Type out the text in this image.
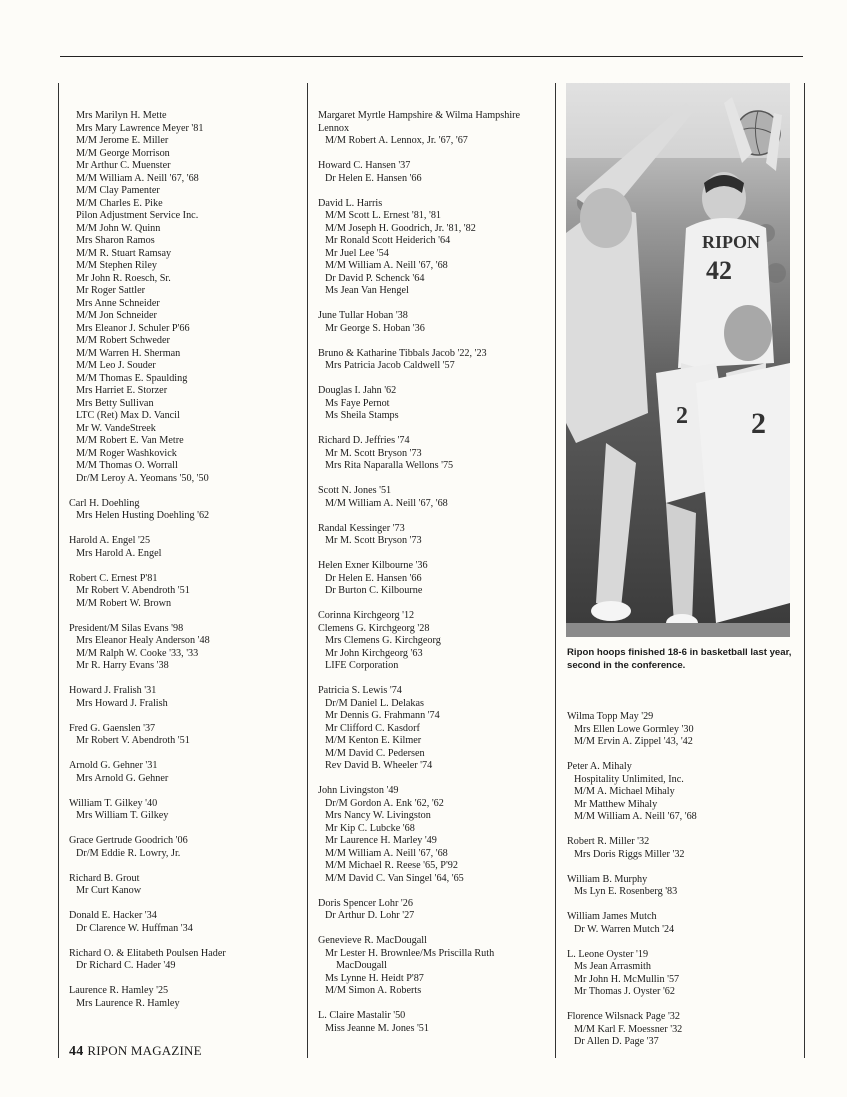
Mrs Marilyn H. Mette
Mrs Mary Lawrence Meyer '81
M/M Jerome E. Miller
M/M George Morrison
Mr Arthur C. Muenster
M/M William A. Neill '67, '68
M/M Clay Pamenter
M/M Charles E. Pike
Pilon Adjustment Service Inc.
M/M John W. Quinn
Mrs Sharon Ramos
M/M R. Stuart Ramsay
M/M Stephen Riley
Mr John R. Roesch, Sr.
Mr Roger Sattler
Mrs Anne Schneider
M/M Jon Schneider
Mrs Eleanor J. Schuler P'66
M/M Robert Schweder
M/M Warren H. Sherman
M/M Leo J. Souder
M/M Thomas E. Spaulding
Mrs Harriet E. Storzer
Mrs Betty Sullivan
LTC (Ret) Max D. Vancil
Mr W. VandeStreek
M/M Robert E. Van Metre
M/M Roger Washkovick
M/M Thomas O. Worrall
Dr/M Leroy A. Yeomans '50, '50
Carl H. Doehling
Mrs Helen Husting Doehling '62
Harold A. Engel '25
Mrs Harold A. Engel
Robert C. Ernest P'81
Mr Robert V. Abendroth '51
M/M Robert W. Brown
President/M Silas Evans '98
Mrs Eleanor Healy Anderson '48
M/M Ralph W. Cooke '33, '33
Mr R. Harry Evans '38
Howard J. Fralish '31
Mrs Howard J. Fralish
Fred G. Gaenslen '37
Mr Robert V. Abendroth '51
Arnold G. Gehner '31
Mrs Arnold G. Gehner
William T. Gilkey '40
Mrs William T. Gilkey
Grace Gertrude Goodrich '06
Dr/M Eddie R. Lowry, Jr.
Richard B. Grout
Mr Curt Kanow
Donald E. Hacker '34
Dr Clarence W. Huffman '34
Richard O. & Elitabeth Poulsen Hader
Dr Richard C. Hader '49
Laurence R. Hamley '25
Mrs Laurence R. Hamley
Margaret Myrtle Hampshire & Wilma Hampshire Lennox
M/M Robert A. Lennox, Jr. '67, '67
Howard C. Hansen '37
Dr Helen E. Hansen '66
David L. Harris
M/M Scott L. Ernest '81, '81
M/M Joseph H. Goodrich, Jr. '81, '82
Mr Ronald Scott Heiderich '64
Mr Juel Lee '54
M/M William A. Neill '67, '68
Dr David P. Schenck '64
Ms Jean Van Hengel
June Tullar Hoban '38
Mr George S. Hoban '36
Bruno & Katharine Tibbals Jacob '22, '23
Mrs Patricia Jacob Caldwell '57
Douglas I. Jahn '62
Ms Faye Pernot
Ms Sheila Stamps
Richard D. Jeffries '74
Mr M. Scott Bryson '73
Mrs Rita Naparalla Wellons '75
Scott N. Jones '51
M/M William A. Neill '67, '68
Randal Kessinger '73
Mr M. Scott Bryson '73
Helen Exner Kilbourne '36
Dr Helen E. Hansen '66
Dr Burton C. Kilbourne
Corinna Kirchgeorg '12
Clemens G. Kirchgeorg '28
Mrs Clemens G. Kirchgeorg
Mr John Kirchgeorg '63
LIFE Corporation
Patricia S. Lewis '74
Dr/M Daniel L. Delakas
Mr Dennis G. Frahmann '74
Mr Clifford C. Kasdorf
M/M Kenton E. Kilmer
M/M David C. Pedersen
Rev David B. Wheeler '74
John Livingston '49
Dr/M Gordon A. Enk '62, '62
Mrs Nancy W. Livingston
Mr Kip C. Lubcke '68
Mr Laurence H. Marley '49
M/M William A. Neill '67, '68
M/M Michael R. Reese '65, P'92
M/M David C. Van Singel '64, '65
Doris Spencer Lohr '26
Dr Arthur D. Lohr '27
Genevieve R. MacDougall
Mr Lester H. Brownlee/Ms Priscilla Ruth
MacDougall
Ms Lynne H. Heidt P'87
M/M Simon A. Roberts
L. Claire Mastalir '50
Miss Jeanne M. Jones '51
Wilma Topp May '29
Mrs Ellen Lowe Gormley '30
M/M Ervin A. Zippel '43, '42
Peter A. Mihaly
Hospitality Unlimited, Inc.
M/M A. Michael Mihaly
Mr Matthew Mihaly
M/M William A. Neill '67, '68
Robert R. Miller '32
Mrs Doris Riggs Miller '32
William B. Murphy
Ms Lyn E. Rosenberg '83
William James Mutch
Dr W. Warren Mutch '24
L. Leone Oyster '19
Ms Jean Arrasmith
Mr John H. McMullin '57
Mr Thomas J. Oyster '62
Florence Wilsnack Page '32
M/M Karl F. Moessner '32
Dr Allen D. Page '37
RIPON
42
2 2
Ripon hoops finished 18-6 in basketball last year, second in the conference.
44 RIPON MAGAZINE
